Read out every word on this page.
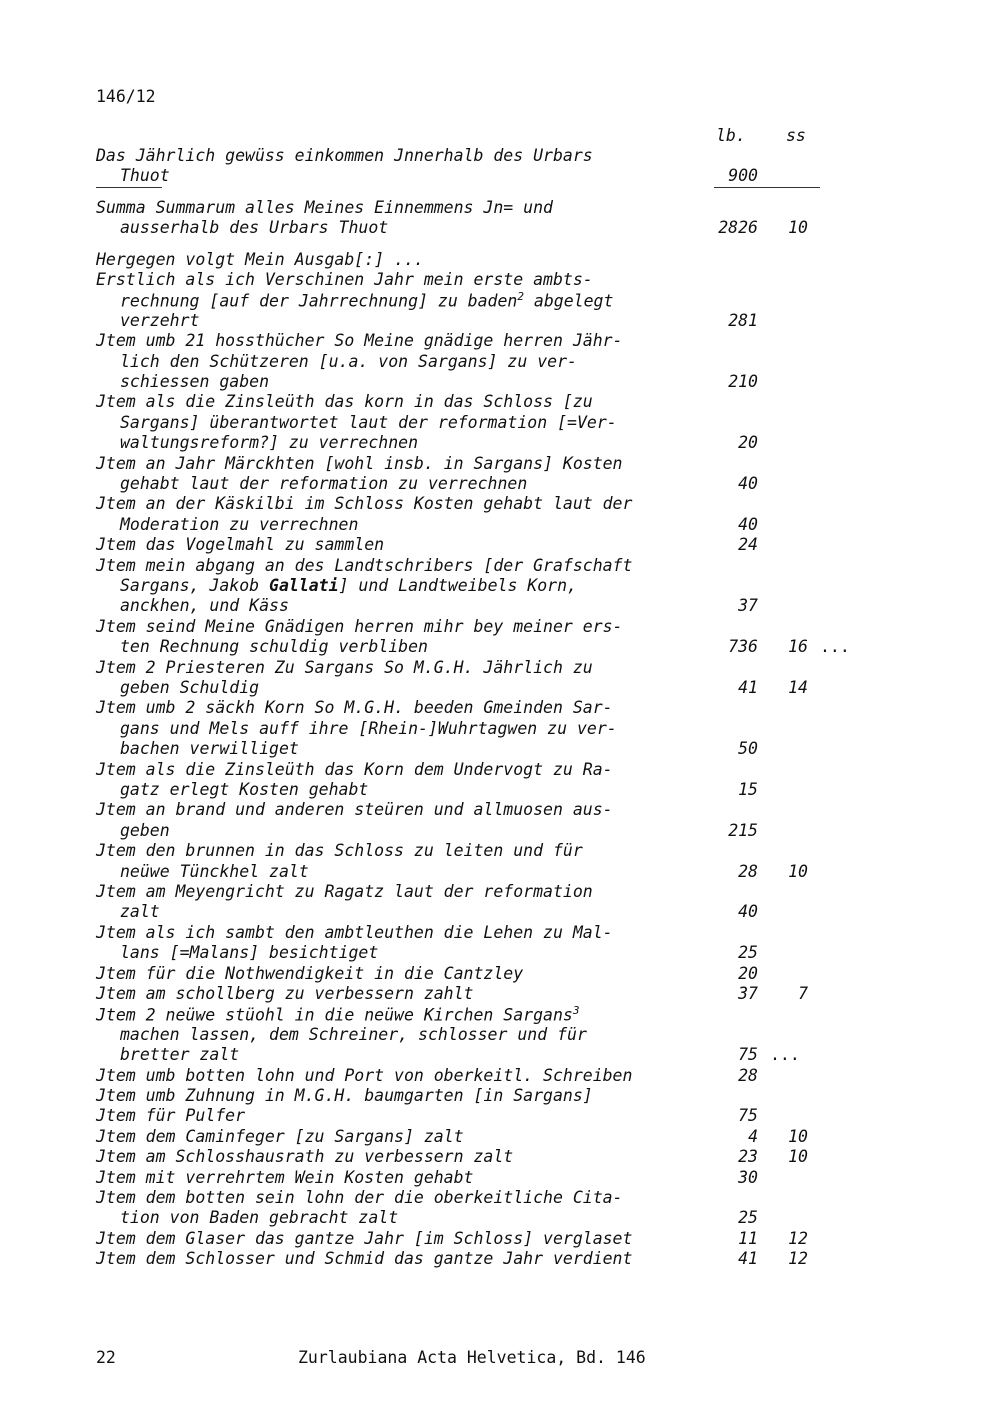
146/12
lb. ss
Das Jährlich gewüss einkommen Jnnerhalb des Urbars
Thuot	900
Summa Summarum alles Meines Einnemmens Jn= und
ausserhalb des Urbars Thuot	2826 10
Hergegen volgt Mein Ausgab[:] ...
Erstlich als ich Verschinen Jahr mein erste ambts-
rechnung [auf der Jahrrechnung] zu baden$^2$ abgelegt
verzehrt	281
Jtem umb 21 hossthücher So Meine gnädige herren Jähr-
lich den Schützeren [u.a. von Sargans] zu ver-
schiessen gaben	210
Jtem als die Zinsleüth das korn in das Schloss [zu
Sargans] überantwortet laut der reformation [=Ver-
waltungsreform?] zu verrechnen	20
Jtem an Jahr Märckhten [wohl insb. in Sargans] Kosten
gehabt laut der reformation zu verrechnen	40
Jtem an der Käskilbi im Schloss Kosten gehabt laut der
Moderation zu verrechnen	40
Jtem das Vogelmahl zu sammlen	24
Jtem mein abgang an des Landtschribers [der Grafschaft
Sargans, Jakob Gallati] und Landtweibels Korn,
anckhen, und Käss	37
Jtem seind Meine Gnädigen herren mihr bey meiner ers-
ten Rechnung schuldig verbliben	736 16 ...
Jtem 2 Priesteren Zu Sargans So M.G.H. Jährlich zu
geben Schuldig	41 14
Jtem umb 2 säckh Korn So M.G.H. beeden Gmeinden Sar-
gans und Mels auff ihre [Rhein-]Wuhrtagwen zu ver-
bachen verwilliget	50
Jtem als die Zinsleüth das Korn dem Undervogt zu Ra-
gatz erlegt Kosten gehabt	15
Jtem an brand und anderen steüren und allmuosen aus-
geben	215
Jtem den brunnen in das Schloss zu leiten und für
neüwe Tünckhel zalt	28 10
Jtem am Meyengricht zu Ragatz laut der reformation
zalt	40
Jtem als ich sambt den ambtleuthen die Lehen zu Mal-
lans [=Malans] besichtiget	25
Jtem für die Nothwendigkeit in die Cantzley	20
Jtem am schollberg zu verbessern zahlt	37 7
Jtem 2 neüwe stüohl in die neüwe Kirchen Sargans$^3$
machen lassen, dem Schreiner, schlosser und für
bretter zalt	75 ...
Jtem umb botten lohn und Port von oberkeitl. Schreiben	28
Jtem umb Zuhnung in M.G.H. baumgarten [in Sargans]
Jtem für Pulfer	75
Jtem dem Caminfeger [zu Sargans] zalt	4 10
Jtem am Schlosshausrath zu verbessern zalt	23 10
Jtem mit verrehrtem Wein Kosten gehabt	30
Jtem dem botten sein lohn der die oberkeitliche Cita-
tion von Baden gebracht zalt	25
Jtem dem Glaser das gantze Jahr [im Schloss] verglaset	11 12
Jtem dem Schlosser und Schmid das gantze Jahr verdient	41 12
22	Zurlaubiana Acta Helvetica, Bd. 146
